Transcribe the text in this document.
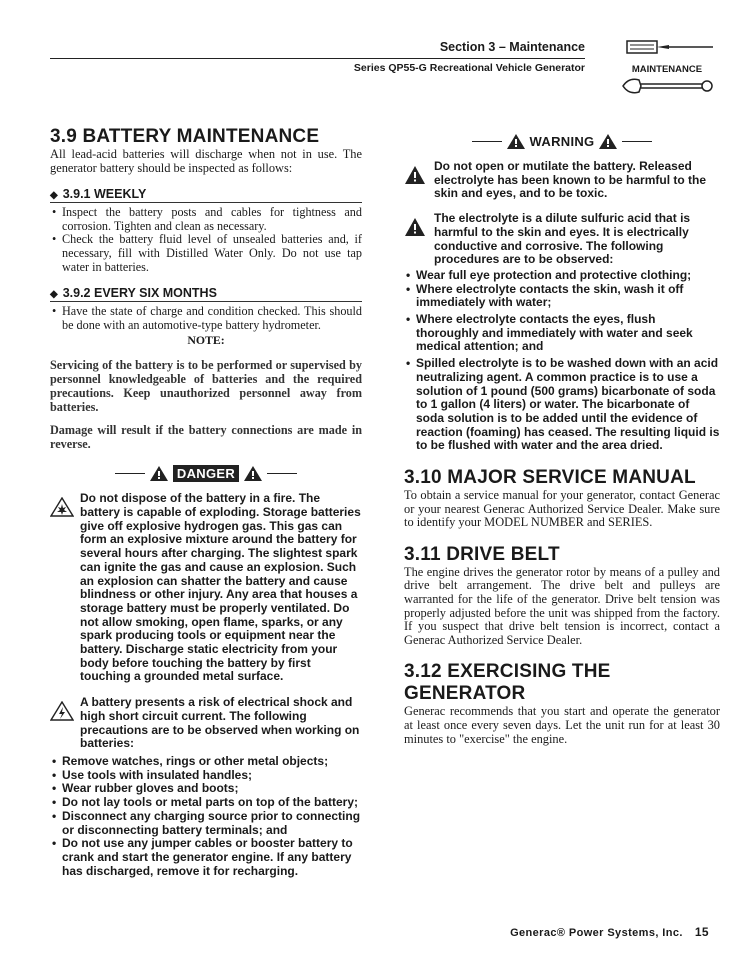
Section 3 – Maintenance
Series QP55-G Recreational Vehicle Generator	MAINTENANCE
3.9 BATTERY MAINTENANCE

All lead-acid batteries will discharge when not in use. The generator battery should be inspected as follows:

◆ 3.9.1 WEEKLY
• Inspect the battery posts and cables for tightness and corrosion. Tighten and clean as necessary.
• Check the battery fluid level of unsealed batteries and, if necessary, fill with Distilled Water Only. Do not use tap water in batteries.
◆ 3.9.2 EVERY SIX MONTHS
• Have the state of charge and condition checked. This should be done with an automotive-type battery hydrometer.
NOTE:

Servicing of the battery is to be performed or supervised by personnel knowledgeable of batteries and the required precautions. Keep unauthorized personnel away from batteries.

Damage will result if the battery connections are made in reverse.

DANGER

Do not dispose of the battery in a fire. The battery is capable of exploding. Storage batteries give off explosive hydrogen gas. This gas can form an explosive mixture around the battery for several hours after charging. The slightest spark can ignite the gas and cause an explosion. Such an explosion can shatter the battery and cause blindness or other injury. Any area that houses a storage battery must be properly ventilated. Do not allow smoking, open flame, sparks, or any spark producing tools or equipment near the battery. Discharge static electricity from your body before touching the battery by first touching a grounded metal surface.

A battery presents a risk of electrical shock and high short circuit current. The following precautions are to be observed when working on batteries:

• Remove watches, rings or other metal objects;
• Use tools with insulated handles;
• Wear rubber gloves and boots;
• Do not lay tools or metal parts on top of the battery;
• Disconnect any charging source prior to connecting or disconnecting battery terminals; and
• Do not use any jumper cables or booster battery to crank and start the generator engine. If any battery has discharged, remove it for recharging.
WARNING

Do not open or mutilate the battery. Released electrolyte has been known to be harmful to the skin and eyes, and to be toxic.

The electrolyte is a dilute sulfuric acid that is harmful to the skin and eyes. It is electrically conductive and corrosive. The following procedures are to be observed:

• Wear full eye protection and protective clothing;
• Where electrolyte contacts the skin, wash it off immediately with water;
• Where electrolyte contacts the eyes, flush thoroughly and immediately with water and seek medical attention; and
• Spilled electrolyte is to be washed down with an acid neutralizing agent. A common practice is to use a solution of 1 pound (500 grams) bicarbonate of soda to 1 gallon (4 liters) or water. The bicarbonate of soda solution is to be added until the evidence of reaction (foaming) has ceased. The resulting liquid is to be flushed with water and the area dried.
3.10 MAJOR SERVICE MANUAL

To obtain a service manual for your generator, contact Generac or your nearest Generac Authorized Service Dealer. Make sure to identify your MODEL NUMBER and SERIES.

3.11 DRIVE BELT

The engine drives the generator rotor by means of a pulley and drive belt arrangement. The drive belt and pulleys are warranted for the life of the generator. Drive belt tension was properly adjusted before the unit was shipped from the factory. If you suspect that drive belt tension is incorrect, contact a Generac Authorized Service Dealer.

3.12 EXERCISING THE GENERATOR

Generac recommends that you start and operate the generator at least once every seven days. Let the unit run for at least 30 minutes to "exercise" the engine.

Generac® Power Systems, Inc. 15
